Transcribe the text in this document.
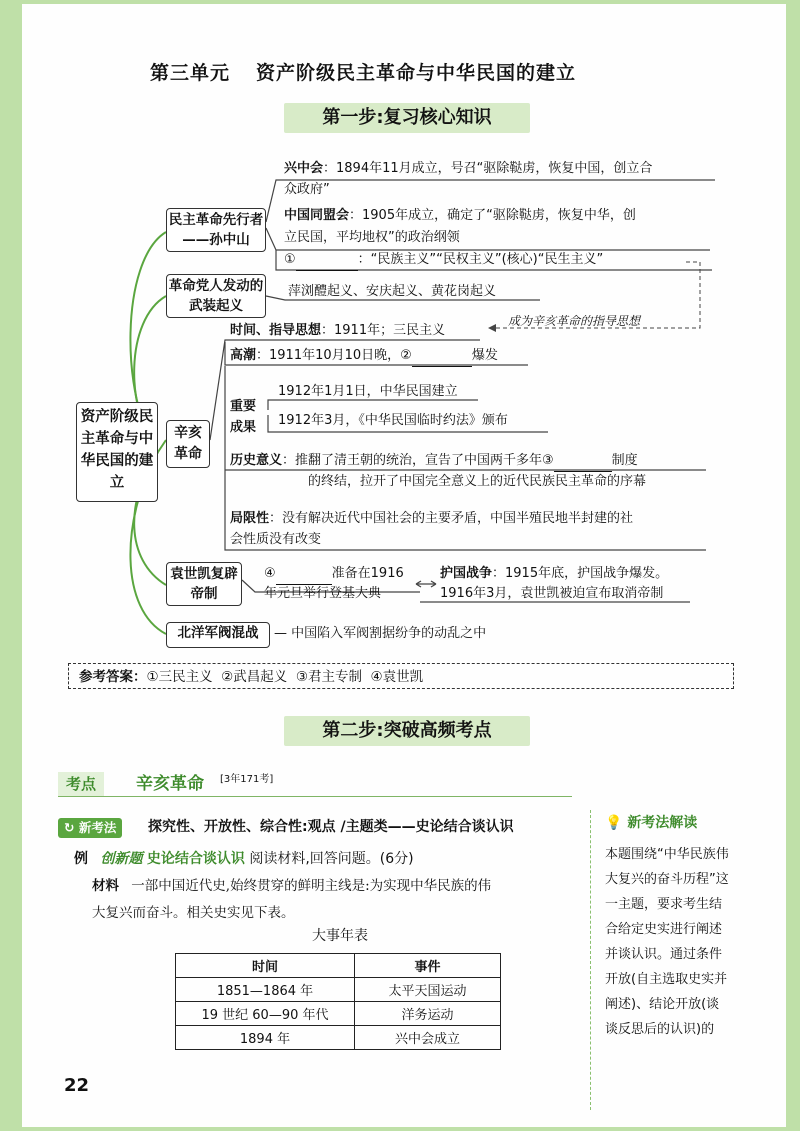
第三单元 资产阶级民主革命与中华民国的建立
第一步:复习核心知识
资产阶级民主革命与中华民国的建立
民主革命先行者——孙中山
兴中会：1894年11月成立，号召“驱除鞑虏，恢复中国，创立合
众政府”
中国同盟会：1905年成立，确定了“驱除鞑虏，恢复中华，创
立民国，平均地权”的政治纲领
①	：“民族主义”“民权主义”(核心)“民生主义”
革命党人发动的武装起义
萍浏醴起义、安庆起义、黄花岗起义
成为辛亥革命的指导思想
辛亥革命
时间、指导思想：1911年；三民主义
高潮：1911年10月10日晚，②	爆发
重要成果
1912年1月1日，中华民国建立
1912年3月，《中华民国临时约法》颁布
历史意义：推翻了清王朝的统治，宣告了中国两千多年③	制度
的终结，拉开了中国完全意义上的近代民族民主革命的序幕
局限性：没有解决近代中国社会的主要矛盾，中国半殖民地半封建的社
会性质没有改变
袁世凯复辟帝制
④	准备在1916
年元旦举行登基大典
护国战争：1915年底，护国战争爆发。
1916年3月，袁世凯被迫宣布取消帝制
北洋军阀混战	— 中国陷入军阀割据纷争的动乱之中
参考答案：①三民主义  ②武昌起义  ③君主专制  ④袁世凯
第二步:突破高频考点
考点	辛亥革命 [3年171考]
↻ 新考法	探究性、开放性、综合性:观点 /主题类——史论结合谈认识
例 创新题 史论结合谈认识 阅读材料,回答问题。(6分)
材料 一部中国近代史,始终贯穿的鲜明主线是:为实现中华民族的伟
大复兴而奋斗。相关史实见下表。
大事年表
时间	事件
1851—1864 年	太平天国运动
19 世纪 60—90 年代	洋务运动
1894 年	兴中会成立
💡 新考法解读
本题围绕“中华民族伟大复兴的奋斗历程”这一主题，要求考生结合给定史实进行阐述并谈认识。通过条件开放(自主选取史实并阐述)、结论开放(谈谈反思后的认识)的
22
